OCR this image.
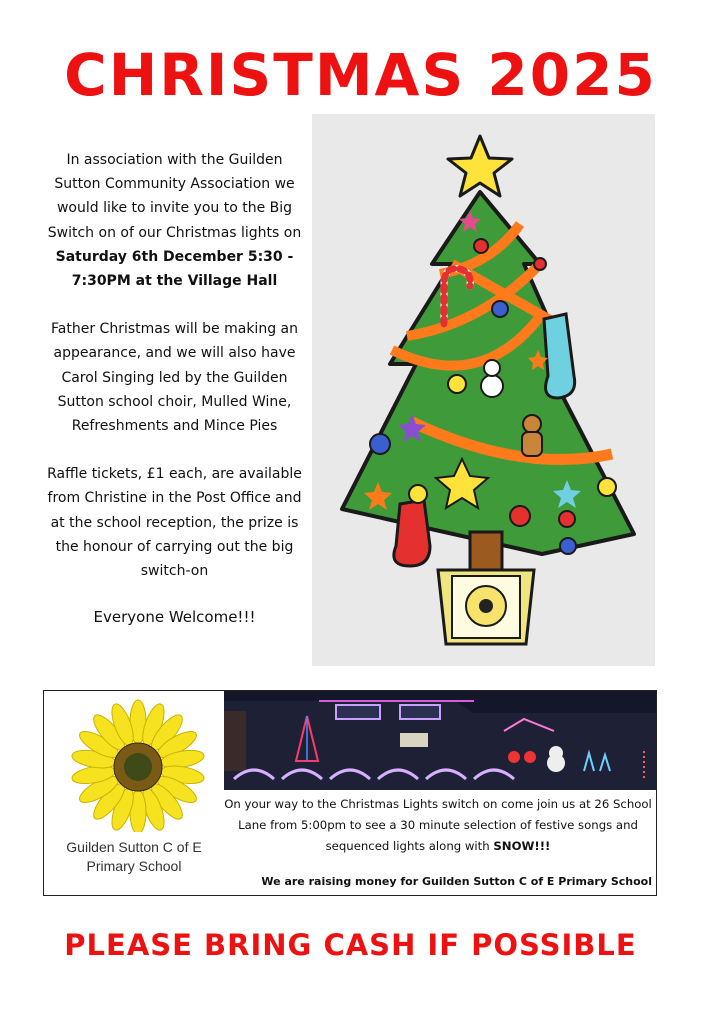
CHRISTMAS 2025

In association with the Guilden Sutton Community Association we would like to invite you to the Big Switch on of our Christmas lights on Saturday 6th December 5:30 - 7:30PM at the Village Hall

Father Christmas will be making an appearance, and we will also have Carol Singing led by the Guilden Sutton school choir, Mulled Wine, Refreshments and Mince Pies

Raffle tickets, £1 each, are available from Christine in the Post Office and at the school reception, the prize is the honour of carrying out the big switch-on

Everyone Welcome!!!

Guilden Sutton C of E
Primary School
On your way to the Christmas Lights switch on come join us at 26 School Lane from 5:00pm to see a 30 minute selection of festive songs and sequenced lights along with SNOW!!!
We are raising money for Guilden Sutton C of E Primary School
PLEASE BRING CASH IF POSSIBLE
